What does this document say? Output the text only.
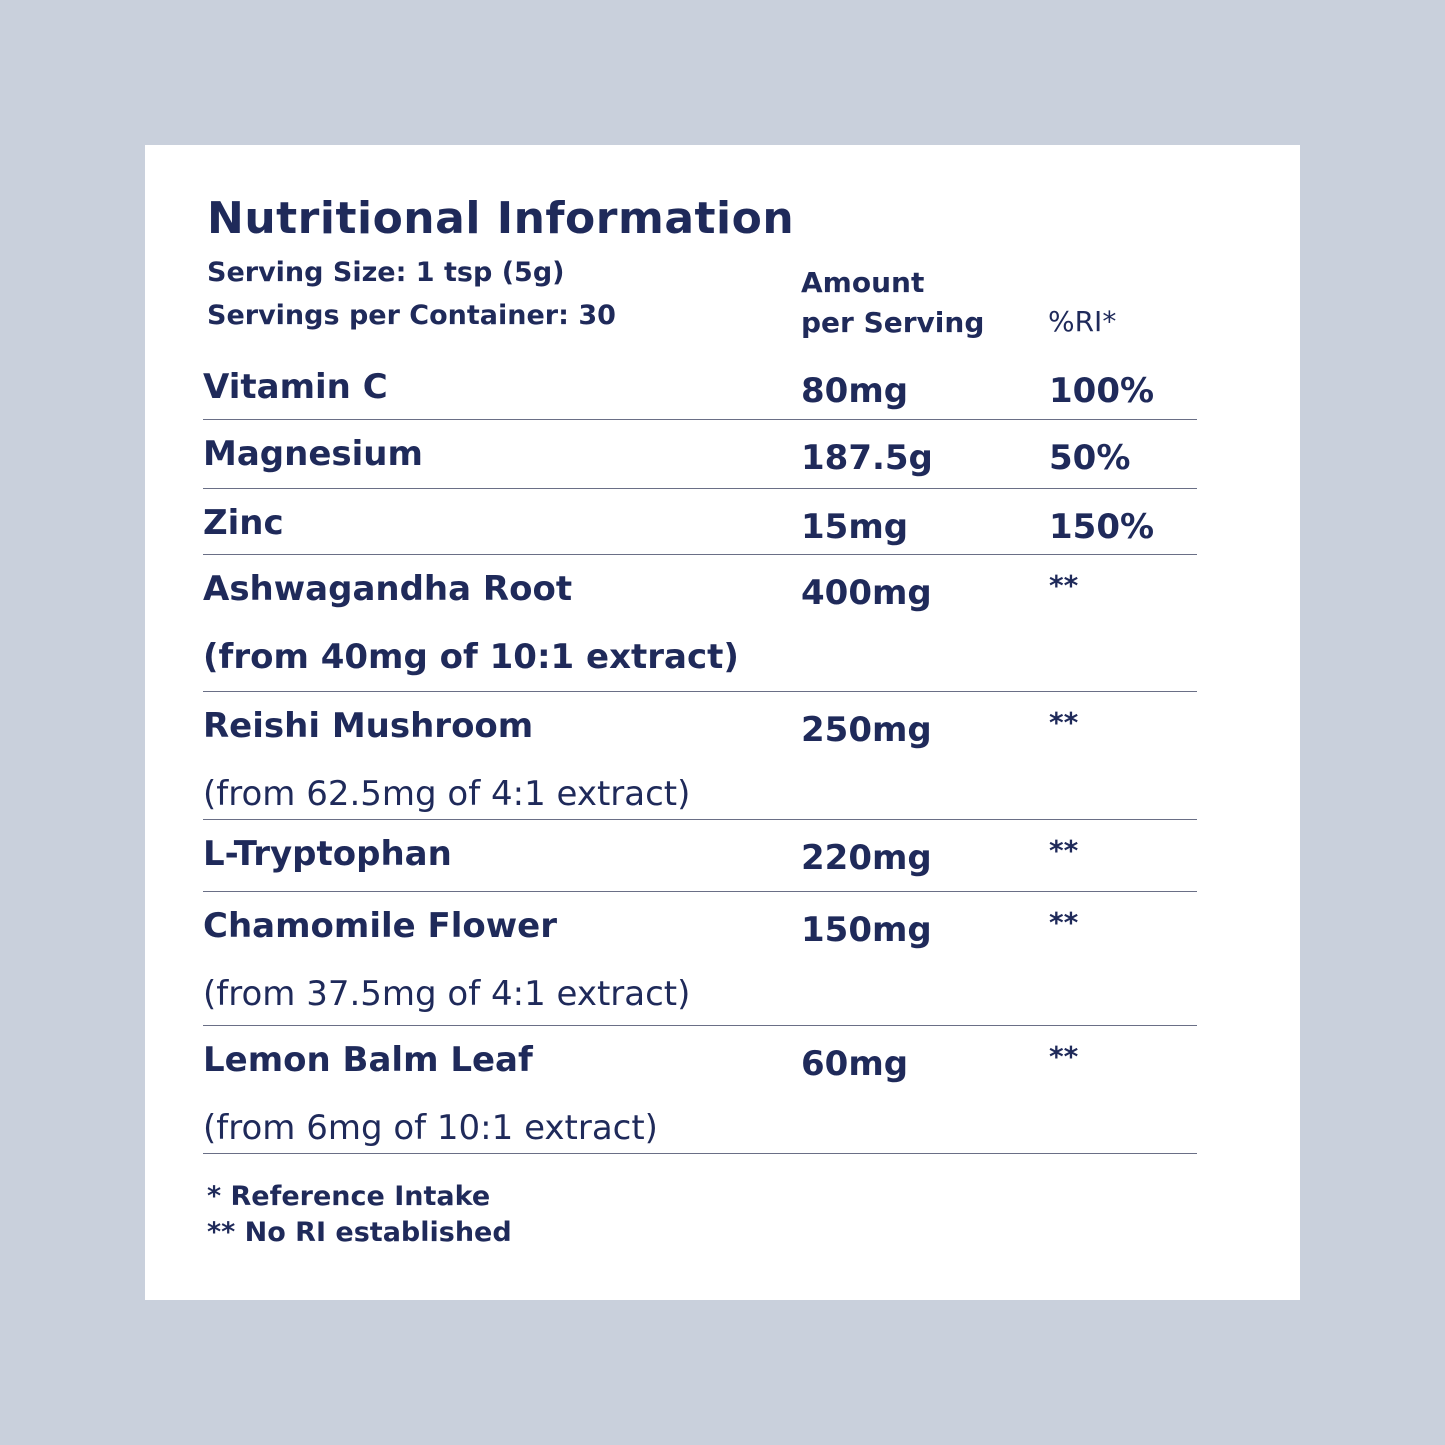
Nutritional Information
Serving Size: 1 tsp (5g)
Servings per Container: 30
Amount
per Serving %RI*
Vitamin C	80mg	100%
Magnesium	187.5g	50%
Zinc	15mg	150%
Ashwagandha Root
(from 40mg of 10:1 extract)
400mg	**
Reishi Mushroom
(from 62.5mg of 4:1 extract)
250mg	**
L-Tryptophan	220mg	**
Chamomile Flower
(from 37.5mg of 4:1 extract)
150mg	**
Lemon Balm Leaf
(from 6mg of 10:1 extract)
60mg	**
* Reference Intake
** No RI established
